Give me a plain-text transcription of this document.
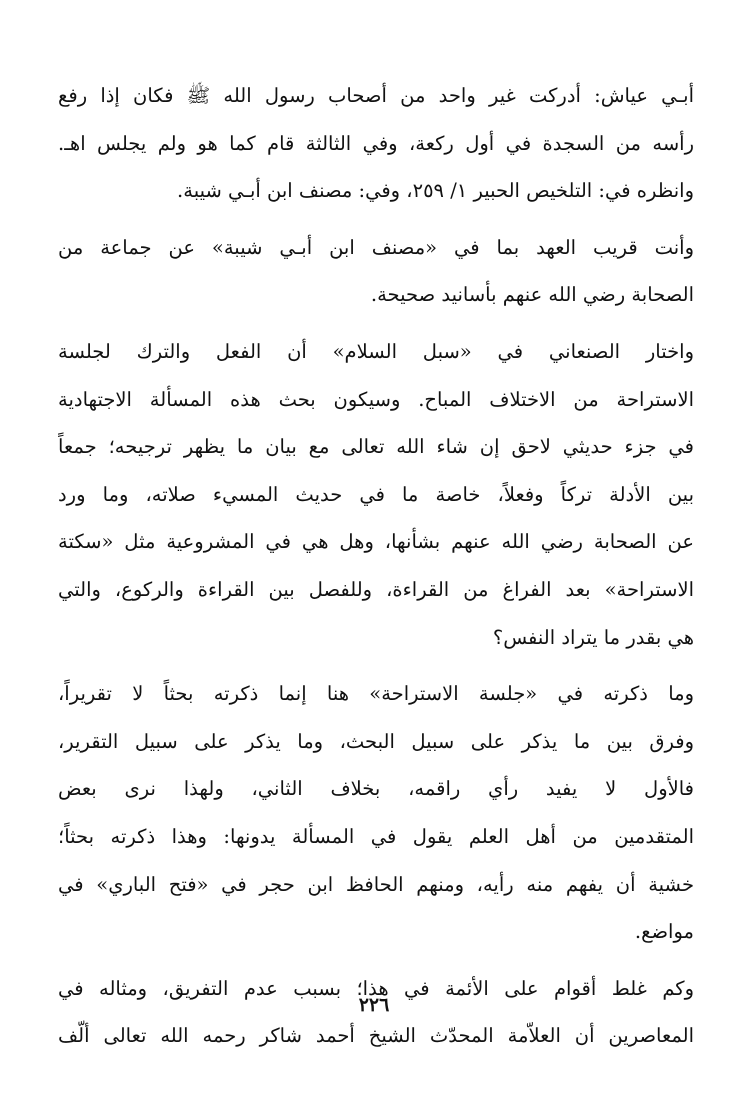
أبـي عياش: أدركت غير واحد من أصحاب رسول الله ﷺ فكان إذا رفع
رأسه من السجدة في أول ركعة، وفي الثالثة قام كما هو ولم يجلس اهـ.
وانظره في: التلخيص الحبير ١/ ٢٥٩، وفي: مصنف ابن أبـي شيبة.

وأنت قريب العهد بما في «مصنف ابن أبـي شيبة» عن جماعة من
الصحابة رضي الله عنهم بأسانيد صحيحة.

واختار الصنعاني في «سبل السلام» أن الفعل والترك لجلسة
الاستراحة من الاختلاف المباح. وسيكون بحث هذه المسألة الاجتهادية
في جزء حديثي لاحق إن شاء الله تعالى مع بيان ما يظهر ترجيحه؛ جمعاً
بين الأدلة تركاً وفعلاً، خاصة ما في حديث المسيء صلاته، وما ورد
عن الصحابة رضي الله عنهم بشأنها، وهل هي في المشروعية مثل «سكتة
الاستراحة» بعد الفراغ من القراءة، وللفصل بين القراءة والركوع، والتي
هي بقدر ما يتراد النفس؟

وما ذكرته في «جلسة الاستراحة» هنا إنما ذكرته بحثاً لا تقريراً،
وفرق بين ما يذكر على سبيل البحث، وما يذكر على سبيل التقرير،
فالأول لا يفيد رأي راقمه، بخلاف الثاني، ولهذا نرى بعض
المتقدمين من أهل العلم يقول في المسألة يدونها: وهذا ذكرته بحثاً؛
خشية أن يفهم منه رأيه، ومنهم الحافظ ابن حجر في «فتح الباري» في
مواضع.

وكم غلط أقوام على الأئمة في هذا؛ بسبب عدم التفريق، ومثاله في
المعاصرين أن العلاّمة المحدّث الشيخ أحمد شاكر رحمه الله تعالى ألّف

٢٢٦
